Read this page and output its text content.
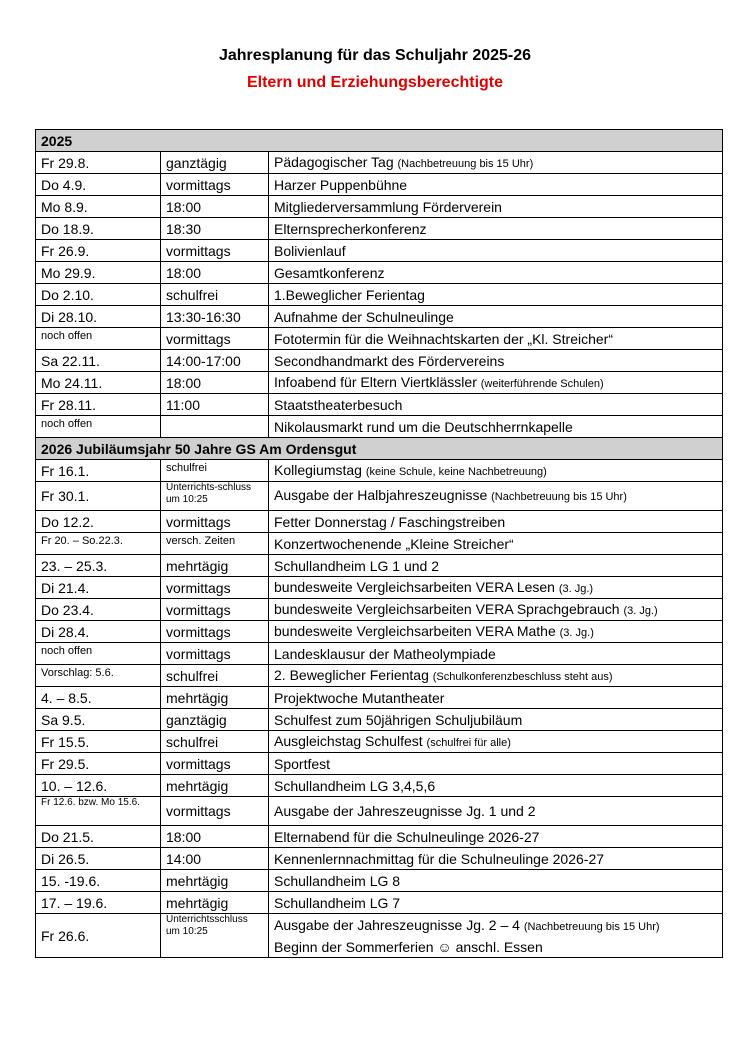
Jahresplanung für das Schuljahr 2025-26
Eltern und Erziehungsberechtigte
2025		
Fr 29.8.	ganztägig	Pädagogischer Tag (Nachbetreuung bis 15 Uhr)
Do 4.9.	vormittags	Harzer Puppenbühne
Mo 8.9.	18:00	Mitgliederversammlung Förderverein
Do 18.9.	18:30	Elternsprecherkonferenz
Fr 26.9.	vormittags	Bolivienlauf
Mo 29.9.	18:00	Gesamtkonferenz
Do 2.10.	schulfrei	1.Beweglicher Ferientag
Di 28.10.	13:30-16:30	Aufnahme der Schulneulinge
noch offen	vormittags	Fototermin für die Weihnachtskarten der „Kl. Streicher“
Sa 22.11.	14:00-17:00	Secondhandmarkt des Fördervereins
Mo 24.11.	18:00	Infoabend für Eltern Viertklässler (weiterführende Schulen)
Fr 28.11.	11:00	Staatstheaterbesuch
noch offen		Nikolausmarkt rund um die Deutschherrnkapelle
2026 Jubiläumsjahr 50 Jahre GS Am Ordensgut		
Fr 16.1.	schulfrei	Kollegiumstag (keine Schule, keine Nachbetreuung)
Fr 30.1.	Unterrichts-schluss um 10:25	Ausgabe der Halbjahreszeugnisse (Nachbetreuung bis 15 Uhr)
Do 12.2.	vormittags	Fetter Donnerstag / Faschingstreiben
Fr 20. – So.22.3.	versch. Zeiten	Konzertwochenende „Kleine Streicher“
23. – 25.3.	mehrtägig	Schullandheim LG 1 und 2
Di 21.4.	vormittags	bundesweite Vergleichsarbeiten VERA Lesen (3. Jg.)
Do 23.4.	vormittags	bundesweite Vergleichsarbeiten VERA Sprachgebrauch (3. Jg.)
Di 28.4.	vormittags	bundesweite Vergleichsarbeiten VERA Mathe (3. Jg.)
noch offen	vormittags	Landesklausur der Matheolympiade
Vorschlag: 5.6.	schulfrei	2. Beweglicher Ferientag (Schulkonferenzbeschluss steht aus)
4. – 8.5.	mehrtägig	Projektwoche Mutantheater
Sa 9.5.	ganztägig	Schulfest zum 50jährigen Schuljubiläum
Fr 15.5.	schulfrei	Ausgleichstag Schulfest (schulfrei für alle)
Fr 29.5.	vormittags	Sportfest
10. – 12.6.	mehrtägig	Schullandheim LG 3,4,5,6
Fr 12.6. bzw. Mo 15.6.	vormittags	Ausgabe der Jahreszeugnisse Jg. 1 und 2
Do 21.5.	18:00	Elternabend für die Schulneulinge 2026-27
Di 26.5.	14:00	Kennenlernnachmittag für die Schulneulinge 2026-27
15. -19.6.	mehrtägig	Schullandheim LG 8
17. – 19.6.	mehrtägig	Schullandheim LG 7
Fr 26.6.	Unterrichtsschluss um 10:25	Ausgabe der Jahreszeugnisse Jg. 2 – 4 (Nachbetreuung bis 15 Uhr)
Beginn der Sommerferien ☺ anschl. Essen
